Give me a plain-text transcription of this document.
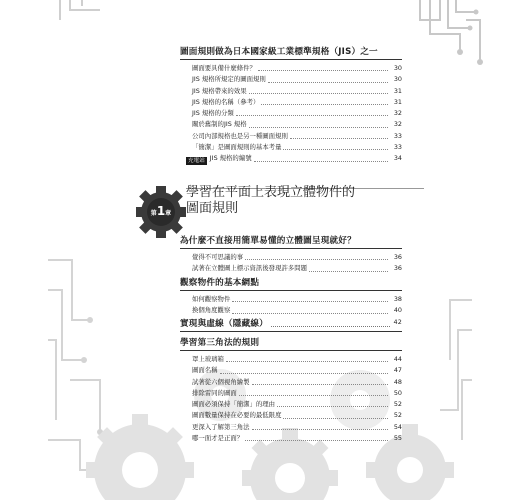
圖面規則做為日本國家級工業標準規格（JIS）之一
圖面要具備什麼條件？	30
JIS 規格所規定的圖面規則	30
JIS 規格帶來的效果	31
JIS 規格的名稱（參考）	31
JIS 規格的分類	32
關於舊制的JIS 規格	32
公司內部規格也是另一種圖面規則	33
「簡潔」是圖面規則的基本考量	33
充電站 JIS 規格的編號	34
第1章
學習在平面上表現立體物件的
圖面規則
為什麼不直接用簡單易懂的立體圖呈現就好？
覺得不可思議的事	36
試著在立體圖上標示資訊後發現許多問題	36
觀察物件的基本網點
如何觀察物件	38
換個角度觀察	40
實現與虛線（隱藏線）	42
學習第三角法的規則
罩上玻璃箱	44
圖面名稱	47
試著從六個視角繪製	48
排除雷同的圖面	50
圖面必須保持「簡潔」的理由	52
圖面數量保持在必要的最低限度	52
更深入了解第三角法	54
哪一面才是正面？	55
